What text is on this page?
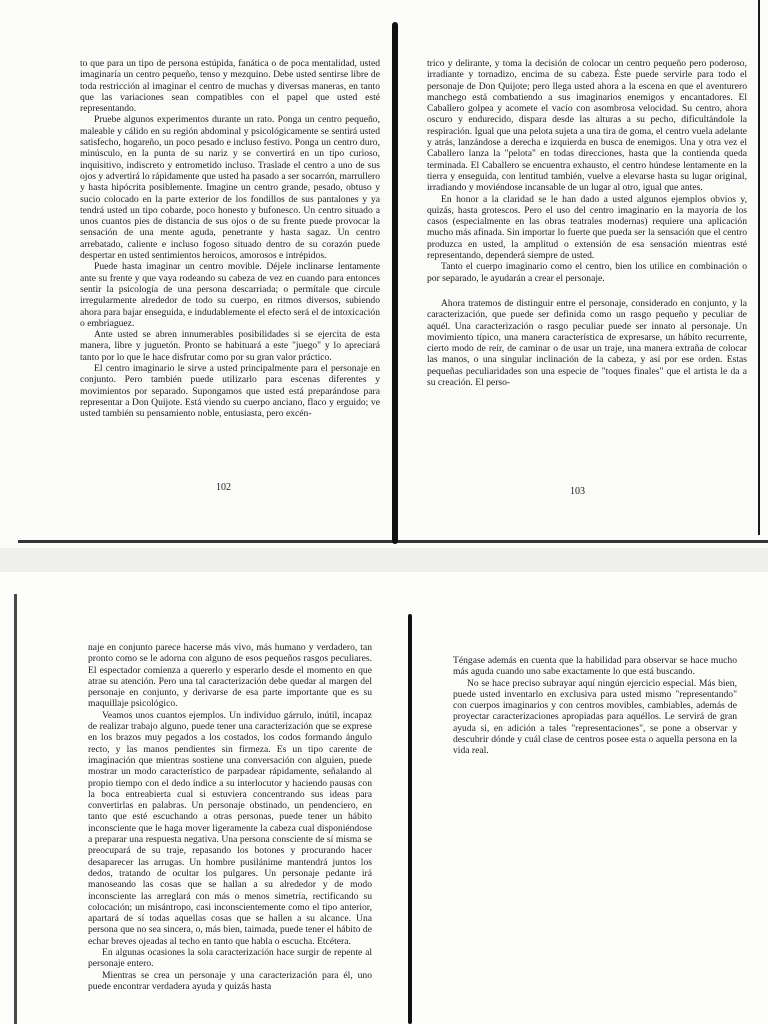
to que para un tipo de persona estúpida, fanática o de poca mentalidad, usted imaginaría un centro pequeño, tenso y mezquino. Debe usted sentirse libre de toda restricción al imaginar el centro de muchas y diversas maneras, en tanto que las variaciones sean compatibles con el papel que usted esté representando.

Pruebe algunos experimentos durante un rato. Ponga un centro pequeño, maleable y cálido en su región abdominal y psicológicamente se sentirá usted satisfecho, hogareño, un poco pesado e incluso festivo. Ponga un centro duro, minúsculo, en la punta de su nariz y se convertirá en un tipo curioso, inquisitivo, indiscreto y entrometido incluso. Traslade el centro a uno de sus ojos y advertirá lo rápidamente que usted ha pasado a ser socarrón, marrullero y hasta hipócrita posiblemente. Imagine un centro grande, pesado, obtuso y sucio colocado en la parte exterior de los fondillos de sus pantalones y ya tendrá usted un tipo cobarde, poco honesto y bufonesco. Un centro situado a unos cuantos pies de distancia de sus ojos o de su frente puede provocar la sensación de una mente aguda, penetrante y hasta sagaz. Un centro arrebatado, caliente e incluso fogoso situado dentro de su corazón puede despertar en usted sentimientos heroicos, amorosos e intrépidos.

Puede hasta imaginar un centro movible. Déjele inclinarse lentamente ante su frente y que vaya rodeando su cabeza de vez en cuando para entonces sentir la psicología de una persona descarriada; o permítale que circule irregularmente alrededor de todo su cuerpo, en ritmos diversos, subiendo ahora para bajar enseguida, e indudablemente el efecto será el de intoxicación o embriaguez.

Ante usted se abren innumerables posibilidades si se ejercita de esta manera, libre y juguetón. Pronto se habituará a este "juego" y lo apreciará tanto por lo que le hace disfrutar como por su gran valor práctico.

El centro imaginario le sirve a usted principalmente para el personaje en conjunto. Pero también puede utilizarlo para escenas diferentes y movimientos por separado. Supongamos que usted está preparándose para representar a Don Quijote. Está viendo su cuerpo anciano, flaco y erguido; ve usted también su pensamiento noble, entusiasta, pero excén-

102

trico y delirante, y toma la decisión de colocar un centro pequeño pero poderoso, irradiante y tornadizo, encima de su cabeza. Éste puede servirle para todo el personaje de Don Quijote; pero llega usted ahora a la escena en que el aventurero manchego está combatiendo a sus imaginarios enemigos y encantadores. El Caballero golpea y acomete el vacío con asombrosa velocidad. Su centro, ahora oscuro y endurecido, dispara desde las alturas a su pecho, dificultándole la respiración. Igual que una pelota sujeta a una tira de goma, el centro vuela adelante y atrás, lanzándose a derecha e izquierda en busca de enemigos. Una y otra vez el Caballero lanza la "pelota" en todas direcciones, hasta que la contienda queda terminada. El Caballero se encuentra exhausto, el centro húndese lentamente en la tierra y enseguida, con lentitud también, vuelve a elevarse hasta su lugar original, irradiando y moviéndose incansable de un lugar al otro, igual que antes.

En honor a la claridad se le han dado a usted algunos ejemplos obvios y, quizás, hasta grotescos. Pero el uso del centro imaginario en la mayoría de los casos (especialmente en las obras teatrales modernas) requiere una aplicación mucho más afinada. Sin importar lo fuerte que pueda ser la sensación que el centro produzca en usted, la amplitud o extensión de esa sensación mientras esté representando, dependerá siempre de usted.

Tanto el cuerpo imaginario como el centro, bien los utilice en combinación o por separado, le ayudarán a crear el personaje.

Ahora tratemos de distinguir entre el personaje, considerado en conjunto, y la caracterización, que puede ser definida como un rasgo pequeño y peculiar de aquél. Una caracterización o rasgo peculiar puede ser innato al personaje. Un movimiento típico, una manera característica de expresarse, un hábito recurrente, cierto modo de reír, de caminar o de usar un traje, una manera extraña de colocar las manos, o una singular inclinación de la cabeza, y así por ese orden. Estas pequeñas peculiaridades son una especie de "toques finales" que el artista le da a su creación. El perso-

103

naje en conjunto parece hacerse más vivo, más humano y verdadero, tan pronto como se le adorna con alguno de esos pequeños rasgos peculiares. El espectador comienza a quererlo y esperarlo desde el momento en que atrae su atención. Pero una tal caracterización debe quedar al margen del personaje en conjunto, y derivarse de esa parte importante que es su maquillaje psicológico.

Veamos unos cuantos ejemplos. Un individuo gárrulo, inútil, incapaz de realizar trabajo alguno, puede tener una caracterización que se exprese en los brazos muy pegados a los costados, los codos formando ángulo recto, y las manos pendientes sin firmeza. Es un tipo carente de imaginación que mientras sostiene una conversación con alguien, puede mostrar un modo característico de parpadear rápidamente, señalando al propio tiempo con el dedo índice a su interlocutor y haciendo pausas con la boca entreabierta cual si estuviera concentrando sus ideas para convertirlas en palabras. Un personaje obstinado, un pendenciero, en tanto que esté escuchando a otras personas, puede tener un hábito inconsciente que le haga mover ligeramente la cabeza cual disponiéndose a preparar una respuesta negativa. Una persona consciente de sí misma se preocupará de su traje, repasando los botones y procurando hacer desaparecer las arrugas. Un hombre pusilánime mantendrá juntos los dedos, tratando de ocultar los pulgares. Un personaje pedante irá manoseando las cosas que se hallan a su alrededor y de modo inconsciente las arreglará con más o menos simetría, rectificando su colocación; un misántropo, casi inconscientemente como el tipo anterior, apartará de sí todas aquellas cosas que se hallen a su alcance. Una persona que no sea sincera, o, más bien, taimada, puede tener el hábito de echar breves ojeadas al techo en tanto que habla o escucha. Etcétera.

En algunas ocasiones la sola caracterización hace surgir de repente al personaje entero.

Mientras se crea un personaje y una caracterización para él, uno puede encontrar verdadera ayuda y quizás hasta

Téngase además en cuenta que la habilidad para observar se hace mucho más aguda cuando uno sabe exactamente lo que está buscando.

No se hace preciso subrayar aquí ningún ejercicio especial. Más bien, puede usted inventarlo en exclusiva para usted mismo "representando" con cuerpos imaginarios y con centros movibles, cambiables, además de proyectar caracterizaciones apropiadas para aquéllos. Le servirá de gran ayuda si, en adición a tales "representaciones", se pone a observar y descubrir dónde y cuál clase de centros posee esta o aquella persona en la vida real.
